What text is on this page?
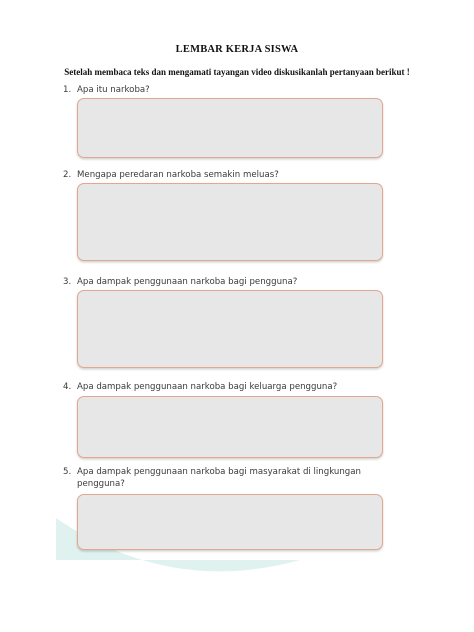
LEMBAR KERJA SISWA
Setelah membaca teks dan mengamati tayangan video diskusikanlah pertanyaan berikut !
1. Apa itu narkoba?
2. Mengapa peredaran narkoba semakin meluas?
3. Apa dampak penggunaan narkoba bagi pengguna?
4. Apa dampak penggunaan narkoba bagi keluarga pengguna?
5. Apa dampak penggunaan narkoba bagi masyarakat di lingkungan
pengguna?
